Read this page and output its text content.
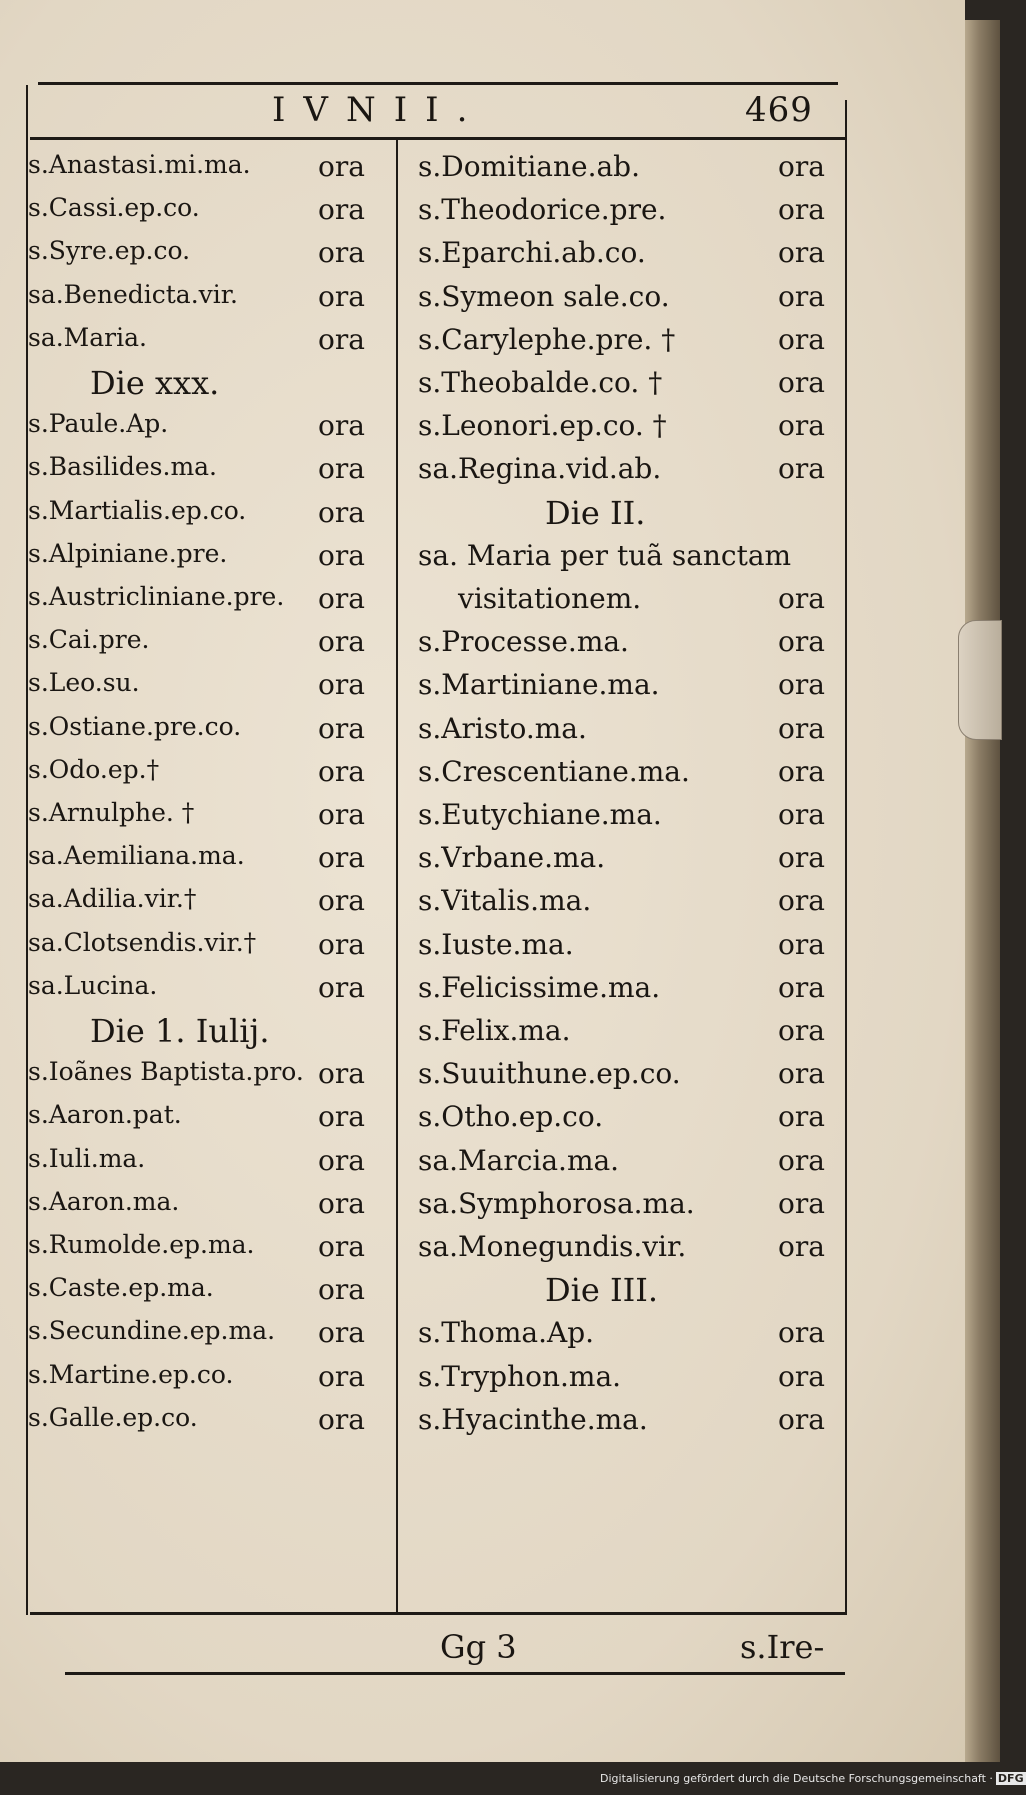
IVNII.	469
s.Anastasi.mi.ma. ora
s.Cassi.ep.co.	ora
s.Syre.ep.co.	ora
sa.Benedicta.vir.	ora
sa.Maria.	ora
Die xxx.
s.Paule.Ap.	ora
s.Basilides.ma.	ora
s.Martialis.ep.co.	ora
s.Alpiniane.pre.	ora
s.Austricliniane.pre. ora
s.Cai.pre.	ora
s.Leo.su.	ora
s.Ostiane.pre.co.	ora
s.Odo.ep.†	ora
s.Arnulphe. †	ora
sa.Aemiliana.ma.	ora
sa.Adilia.vir.†	ora
sa.Clotsendis.vir.† ora
sa.Lucina.	ora
Die 1. Iulij.
s.Ioãnes Baptista.pro. ora
s.Aaron.pat.	ora
s.Iuli.ma.	ora
s.Aaron.ma.	ora
s.Rumolde.ep.ma. ora
s.Caste.ep.ma.	ora
s.Secundine.ep.ma. ora
s.Martine.ep.co.	ora
s.Galle.ep.co.	ora
s.Domitiane.ab.	ora
s.Theodorice.pre.	ora
s.Eparchi.ab.co.	ora
s.Symeon sale.co.	ora
s.Carylephe.pre. †	ora
s.Theobalde.co. †	ora
s.Leonori.ep.co. †	ora
sa.Regina.vid.ab.	ora
Die II.
sa. Maria per tuã sanctam
visitationem.	ora
s.Processe.ma.	ora
s.Martiniane.ma.	ora
s.Aristo.ma.	ora
s.Crescentiane.ma.	ora
s.Eutychiane.ma.	ora
s.Vrbane.ma.	ora
s.Vitalis.ma.	ora
s.Iuste.ma.	ora
s.Felicissime.ma.	ora
s.Felix.ma.	ora
s.Suuithune.ep.co.	ora
s.Otho.ep.co.	ora
sa.Marcia.ma.	ora
sa.Symphorosa.ma.	ora
sa.Monegundis.vir.	ora
Die III.
s.Thoma.Ap.	ora
s.Tryphon.ma.	ora
s.Hyacinthe.ma.	ora
Gg 3	s.Ire-
Digitalisierung gefördert durch die Deutsche Forschungsgemeinschaft · DFG
